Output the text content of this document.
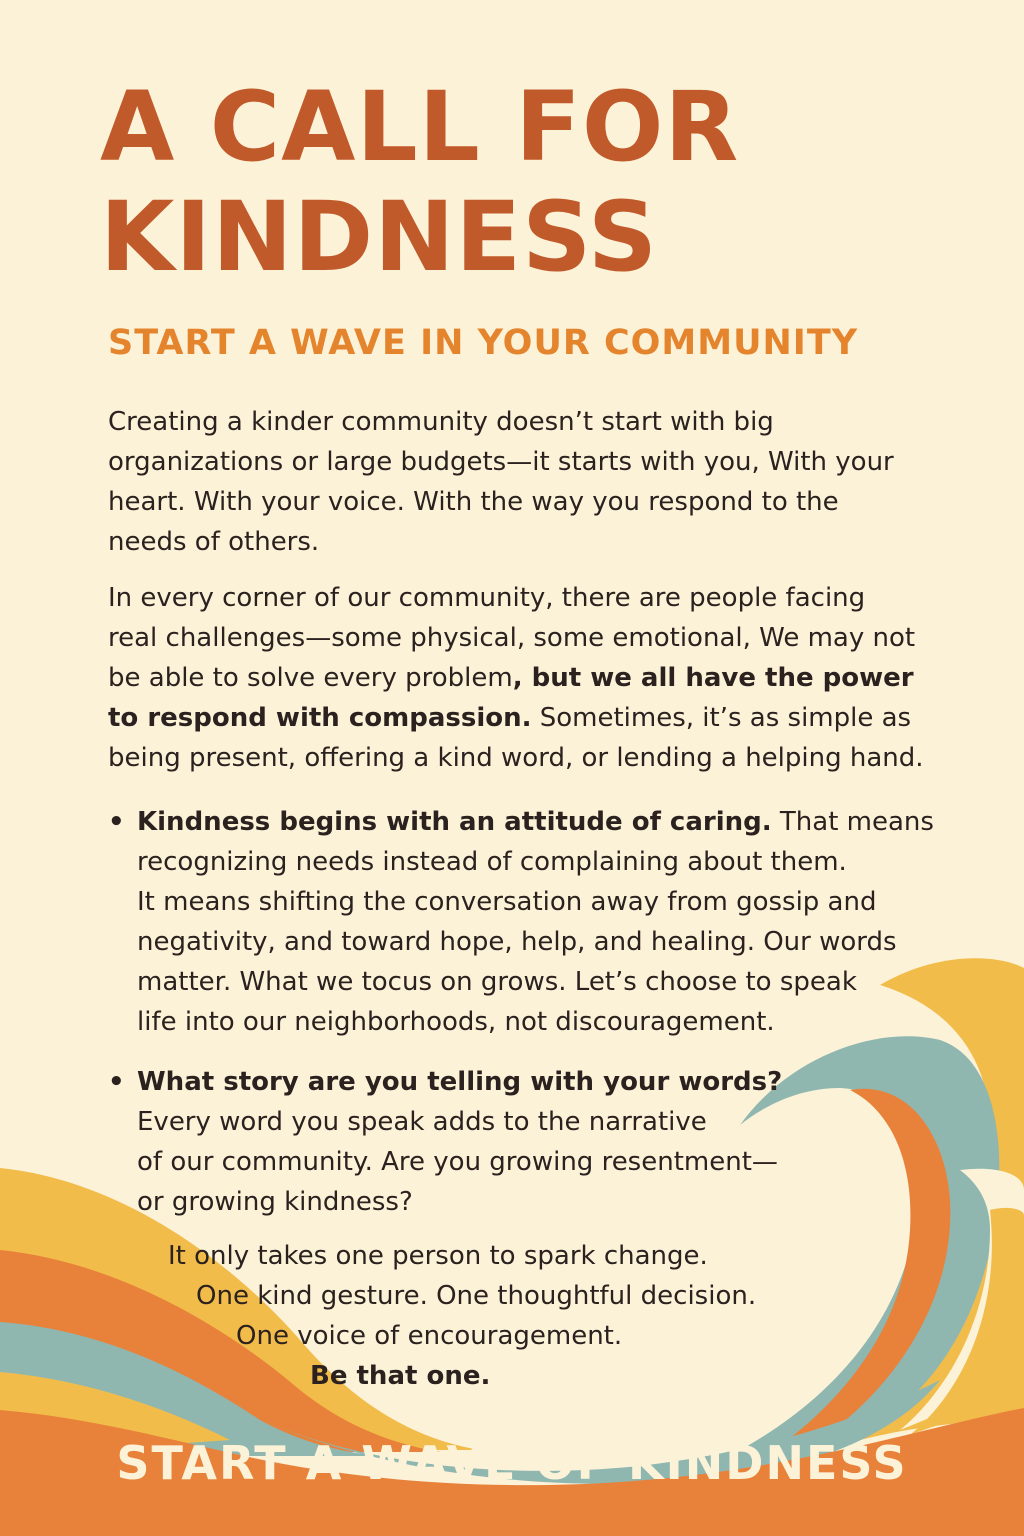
A CALL FOR
KINDNESS
START A WAVE IN YOUR COMMUNITY

Creating a kinder community doesn’t start with big
organizations or large budgets—it starts with you, With your
heart. With your voice. With the way you respond to the
needs of others.

In every corner of our community, there are people facing
real challenges—some physical, some emotional, We may not
be able to solve every problem, but we all have the power
to respond with compassion. Sometimes, it’s as simple as
being present, offering a kind word, or lending a helping hand.

• Kindness begins with an attitude of caring. That means
recognizing needs instead of complaining about them.
It means shifting the conversation away from gossip and
negativity, and toward hope, help, and healing. Our words
matter. What we tocus on grows. Let’s choose to speak
life into our neighborhoods, not discouragement.
• What story are you telling with your words?
Every word you speak adds to the narrative
of our community. Are you growing resentment—
or growing kindness?

It only takes one person to spark change.

One kind gesture. One thoughtful decision.

One voice of encouragement.

Be that one.

START A WAVE OF KINDNESS
